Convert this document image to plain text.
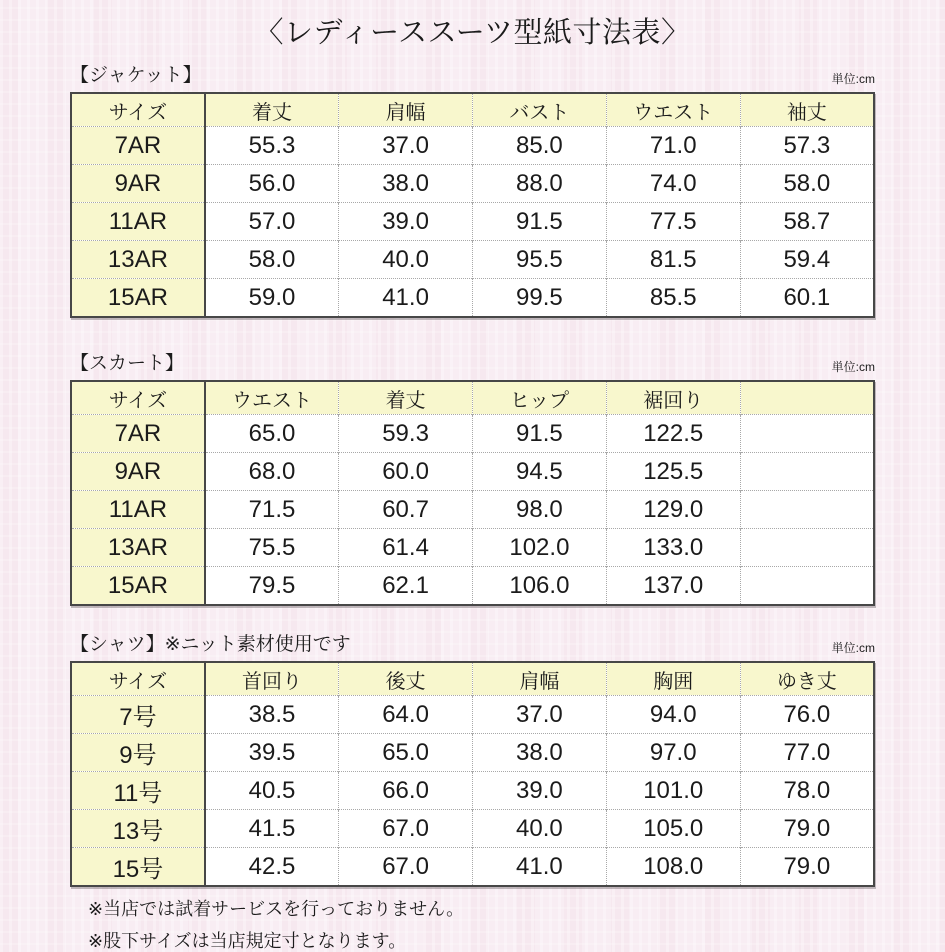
〈レディーススーツ型紙寸法表〉
【ジャケット】	単位:cm
サイズ	着丈	肩幅	バスト	ウエスト	袖丈
7AR	55.3	37.0	85.0	71.0	57.3
9AR	56.0	38.0	88.0	74.0	58.0
11AR	57.0	39.0	91.5	77.5	58.7
13AR	58.0	40.0	95.5	81.5	59.4
15AR	59.0	41.0	99.5	85.5	60.1
【スカート】	単位:cm
サイズ	ウエスト	着丈	ヒップ	裾回り	
7AR	65.0	59.3	91.5	122.5	
9AR	68.0	60.0	94.5	125.5	
11AR	71.5	60.7	98.0	129.0	
13AR	75.5	61.4	102.0	133.0	
15AR	79.5	62.1	106.0	137.0	
【シャツ】※ニット素材使用です	単位:cm
サイズ	首回り	後丈	肩幅	胸囲	ゆき丈
7号	38.5	64.0	37.0	94.0	76.0
9号	39.5	65.0	38.0	97.0	77.0
11号	40.5	66.0	39.0	101.0	78.0
13号	41.5	67.0	40.0	105.0	79.0
15号	42.5	67.0	41.0	108.0	79.0

※当店では試着サービスを行っておりません。

※股下サイズは当店規定寸となります。
